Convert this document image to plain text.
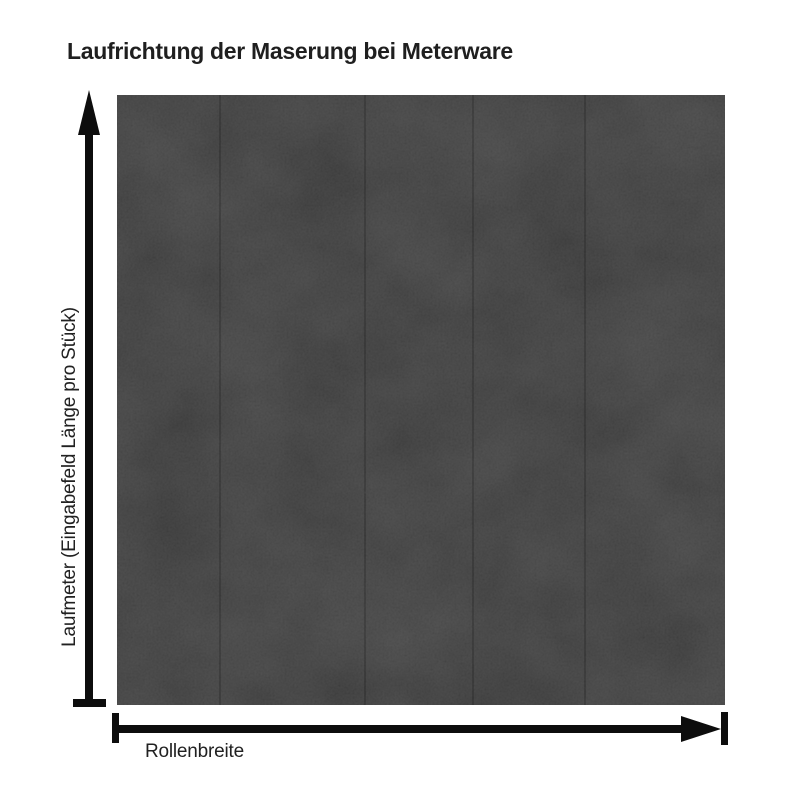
Laufrichtung der Maserung bei Meterware
Laufmeter (Eingabefeld Länge pro Stück)
Rollenbreite
